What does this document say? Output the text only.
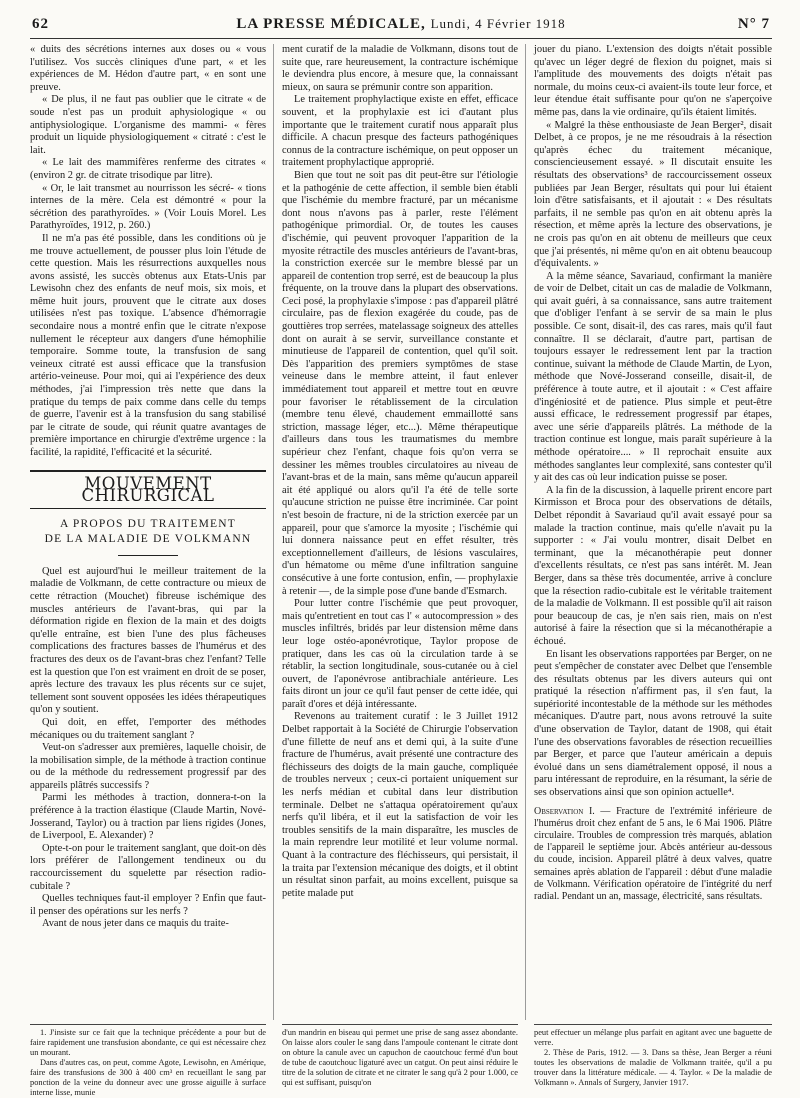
62	LA PRESSE MÉDICALE, Lundi, 4 Février 1918	N° 7

« duits des sécrétions internes aux doses ou « vous l'utilisez. Vos succès cliniques d'une part, « et les expériences de M. Hédon d'autre part, « en sont une preuve.

« De plus, il ne faut pas oublier que le citrate « de soude n'est pas un produit aphysiologique « ou antiphysiologique. L'organisme des mammi- « fères produit un liquide physiologiquement « citraté : c'est le lait.

« Le lait des mammifères renferme des citrates « (environ 2 gr. de citrate trisodique par litre).

« Or, le lait transmet au nourrisson les sécré- « tions internes de la mère. Cela est démontré « pour la sécrétion des parathyroïdes. » (Voir Louis Morel. Les Parathyroïdes, 1912, p. 260.)

Il ne m'a pas été possible, dans les conditions où je me trouve actuellement, de pousser plus loin l'étude de cette question. Mais les résurrections auxquelles nous avons assisté, les succès obtenus aux Etats-Unis par Lewisohn chez des enfants de neuf mois, six mois, et même huit jours, prouvent que le citrate aux doses utilisées n'est pas toxique. L'absence d'hémorragie secondaire nous a montré enfin que le citrate n'expose nullement le récepteur aux dangers d'une hémophilie temporaire. Somme toute, la transfusion de sang veineux citraté est aussi efficace que la transfusion artério-veineuse. Pour moi, qui ai l'expérience des deux méthodes, j'ai l'impression très nette que dans la pratique du temps de paix comme dans celle du temps de guerre, l'avenir est à la transfusion du sang stabilisé par le citrate de soude, qui réunit quatre avantages de première importance en chirurgie d'extrême urgence : la facilité, la rapidité, l'efficacité et la sécurité.

MOUVEMENT CHIRURGICAL
A PROPOS DU TRAITEMENT
DE LA MALADIE DE VOLKMANN

Quel est aujourd'hui le meilleur traitement de la maladie de Volkmann, de cette contracture ou mieux de cette rétraction (Mouchet) fibreuse ischémique des muscles antérieurs de l'avant-bras, qui par la déformation rigide en flexion de la main et des doigts qu'elle entraîne, est bien l'une des plus fâcheuses complications des fractures basses de l'humérus et des fractures des deux os de l'avant-bras chez l'enfant? Telle est la question que l'on est vraiment en droit de se poser, après lecture des travaux les plus récents sur ce sujet, tellement sont souvent opposées les idées thérapeutiques qu'on y soutient.

Qui doit, en effet, l'emporter des méthodes mécaniques ou du traitement sanglant ?

Veut-on s'adresser aux premières, laquelle choisir, de la mobilisation simple, de la méthode à traction continue ou de la méthode du redressement progressif par des appareils plâtrés successifs ?

Parmi les méthodes à traction, donnera-t-on la préférence à la traction élastique (Claude Martin, Nové-Josserand, Taylor) ou à traction par liens rigides (Jones, de Liverpool, E. Alexander) ?

Opte-t-on pour le traitement sanglant, que doit-on dès lors préférer de l'allongement tendineux ou du raccourcissement du squelette par résection radio-cubitale ?

Quelles techniques faut-il employer ? Enfin que faut-il penser des opérations sur les nerfs ?

Avant de nous jeter dans ce maquis du traite-

ment curatif de la maladie de Volkmann, disons tout de suite que, rare heureusement, la contracture ischémique le deviendra plus encore, à mesure que, la connaissant mieux, on saura se prémunir contre son apparition.

Le traitement prophylactique existe en effet, efficace souvent, et la prophylaxie est ici d'autant plus importante que le traitement curatif nous apparaît plus difficile. A chacun presque des facteurs pathogéniques connus de la contracture ischémique, on peut opposer un traitement prophylactique approprié.

Bien que tout ne soit pas dit peut-être sur l'étiologie et la pathogénie de cette affection, il semble bien établi que l'ischémie du membre fracturé, par un mécanisme dont nous n'avons pas à parler, reste l'élément pathogénique primordial. Or, de toutes les causes d'ischémie, qui peuvent provoquer l'apparition de la myosite rétractile des muscles antérieurs de l'avant-bras, la constriction exercée sur le membre blessé par un appareil de contention trop serré, est de beaucoup la plus fréquente, on la trouve dans la plupart des observations. Ceci posé, la prophylaxie s'impose : pas d'appareil plâtré circulaire, pas de flexion exagérée du coude, pas de gouttières trop serrées, matelassage soigneux des attelles dont on aurait à se servir, surveillance constante et minutieuse de l'appareil de contention, quel qu'il soit. Dès l'apparition des premiers symptômes de stase veineuse dans le membre atteint, il faut enlever immédiatement tout appareil et mettre tout en œuvre pour favoriser le rétablissement de la circulation (membre tenu élevé, chaudement emmaillotté sans striction, massage léger, etc...). Même thérapeutique d'ailleurs dans tous les traumatismes du membre supérieur chez l'enfant, chaque fois qu'on verra se dessiner les mêmes troubles circulatoires au niveau de l'avant-bras et de la main, sans même qu'aucun appareil ait été appliqué ou alors qu'il l'a été de telle sorte qu'aucune striction ne puisse être incriminée. Car point n'est besoin de fracture, ni de la striction exercée par un appareil, pour que s'amorce la myosite ; l'ischémie qui lui donnera naissance peut en effet résulter, très exceptionnellement d'ailleurs, de lésions vasculaires, d'un hématome ou même d'une infiltration sanguine consécutive à une forte contusion, enfin, — prophylaxie à retenir —, de la simple pose d'une bande d'Esmarch.

Pour lutter contre l'ischémie que peut provoquer, mais qu'entretient en tout cas l' « autocompression » des muscles infiltrés, bridés par leur distension même dans leur loge ostéo-aponévrotique, Taylor propose de pratiquer, dans les cas où la circulation tarde à se rétablir, la section longitudinale, sous-cutanée ou à ciel ouvert, de l'aponévrose antibrachiale antérieure. Les faits diront un jour ce qu'il faut penser de cette idée, qui paraît d'ores et déjà intéressante.

Revenons au traitement curatif : le 3 Juillet 1912 Delbet rapportait à la Société de Chirurgie l'observation d'une fillette de neuf ans et demi qui, à la suite d'une fracture de l'humérus, avait présenté une contracture des fléchisseurs des doigts de la main gauche, compliquée de troubles nerveux ; ceux-ci portaient uniquement sur les nerfs médian et cubital dans leur distribution terminale. Delbet ne s'attaqua opératoirement qu'aux nerfs qu'il libéra, et il eut la satisfaction de voir les troubles sensitifs de la main disparaître, les muscles de la main reprendre leur motilité et leur volume normal. Quant à la contracture des fléchisseurs, qui persistait, il la traita par l'extension mécanique des doigts, et il obtint un résultat sinon parfait, au moins excellent, puisque sa petite malade put

jouer du piano. L'extension des doigts n'était possible qu'avec un léger degré de flexion du poignet, mais si l'amplitude des mouvements des doigts n'était pas normale, du moins ceux-ci avaient-ils toute leur force, et leur étendue était suffisante pour qu'on ne s'aperçoive même pas, dans la vie ordinaire, qu'ils étaient limités.

« Malgré la thèse enthousiaste de Jean Berger², disait Delbet, à ce propos, je ne me résoudrais à la résection qu'après échec du traitement mécanique, consciencieusement essayé. » Il discutait ensuite les résultats des observations³ de raccourcissement osseux publiées par Jean Berger, résultats qui pour lui étaient loin d'être satisfaisants, et il ajoutait : « Des résultats parfaits, il ne semble pas qu'on en ait obtenu après la résection, et même après la lecture des observations, je ne crois pas qu'on en ait obtenu de meilleurs que ceux que j'ai présentés, ni même qu'on en ait obtenu beaucoup d'équivalents. »

A la même séance, Savariaud, confirmant la manière de voir de Delbet, citait un cas de maladie de Volkmann, qui avait guéri, à sa connaissance, sans autre traitement que d'obliger l'enfant à se servir de sa main le plus possible. Ce sont, disait-il, des cas rares, mais qu'il faut connaître. Il se déclarait, d'autre part, partisan de toujours essayer le redressement lent par la traction continue, suivant la méthode de Claude Martin, de Lyon, méthode que Nové-Josserand conseille, disait-il, de préférence à toute autre, et il ajoutait : « C'est affaire d'ingéniosité et de patience. Plus simple et peut-être aussi efficace, le redressement progressif par étapes, avec une série d'appareils plâtrés. La méthode de la traction continue est longue, mais paraît supérieure à la méthode opératoire.... » Il reprochait ensuite aux méthodes sanglantes leur complexité, sans contester qu'il y ait des cas où leur indication puisse se poser.

A la fin de la discussion, à laquelle prirent encore part Kirmisson et Broca pour des observations de détails, Delbet répondit à Savariaud qu'il avait essayé pour sa malade la traction continue, mais qu'elle n'avait pu la supporter : « J'ai voulu montrer, disait Delbet en terminant, que la mécanothérapie peut donner d'excellents résultats, ce n'est pas sans intérêt. M. Jean Berger, dans sa thèse très documentée, arrive à conclure que la résection radio-cubitale est le véritable traitement de la maladie de Volkmann. Il est possible qu'il ait raison pour beaucoup de cas, je n'en sais rien, mais on n'est autorisé à faire la résection que si la mécanothérapie a échoué.

En lisant les observations rapportées par Berger, on ne peut s'empêcher de constater avec Delbet que l'ensemble des résultats obtenus par les divers auteurs qui ont pratiqué la résection n'affirment pas, il s'en faut, la supériorité incontestable de la méthode sur les méthodes mécaniques. D'autre part, nous avons retrouvé la suite d'une observation de Taylor, datant de 1908, qui était l'une des observations favorables de résection recueillies par Berger, et parce que l'auteur américain a depuis évolué dans un sens diamétralement opposé, il nous a paru intéressant de reproduire, en la résumant, la série de ses observations ainsi que son opinion actuelle⁴.

Observation I. — Fracture de l'extrémité inférieure de l'humérus droit chez enfant de 5 ans, le 6 Mai 1906. Plâtre circulaire. Troubles de compression très marqués, ablation de l'appareil le septième jour. Abcès antérieur au-dessous du coude, incision. Appareil plâtré à deux valves, quatre semaines après ablation de l'appareil : début d'une maladie de Volkmann. Vérification opératoire de l'intégrité du nerf radial. Pendant un an, massage, électricité, sans résultats.

1. J'insiste sur ce fait que la technique précédente a pour but de faire rapidement une transfusion abondante, ce qui est nécessaire chez un mourant.

Dans d'autres cas, on peut, comme Agote, Lewisohn, en Amérique, faire des transfusions de 300 à 400 cm³ en recueillant le sang par ponction de la veine du donneur avec une grosse aiguille à surface interne lisse, munie

d'un mandrin en biseau qui permet une prise de sang assez abondante. On laisse alors couler le sang dans l'ampoule contenant le citrate dont on obture la canule avec un capuchon de caoutchouc fermé d'un bout de tube de caoutchouc ligaturé avec un catgut. On peut ainsi réduire le titre de la solution de citrate et ne citrater le sang qu'à 2 pour 1.000, ce qui est suffisant, puisqu'on

peut effectuer un mélange plus parfait en agitant avec une baguette de verre.

2. Thèse de Paris, 1912. — 3. Dans sa thèse, Jean Berger a réuni toutes les observations de maladie de Volkmann traitée, qu'il a pu trouver dans la littérature médicale. — 4. Taylor. « De la maladie de Volkmann ». Annals of Surgery, Janvier 1917.
